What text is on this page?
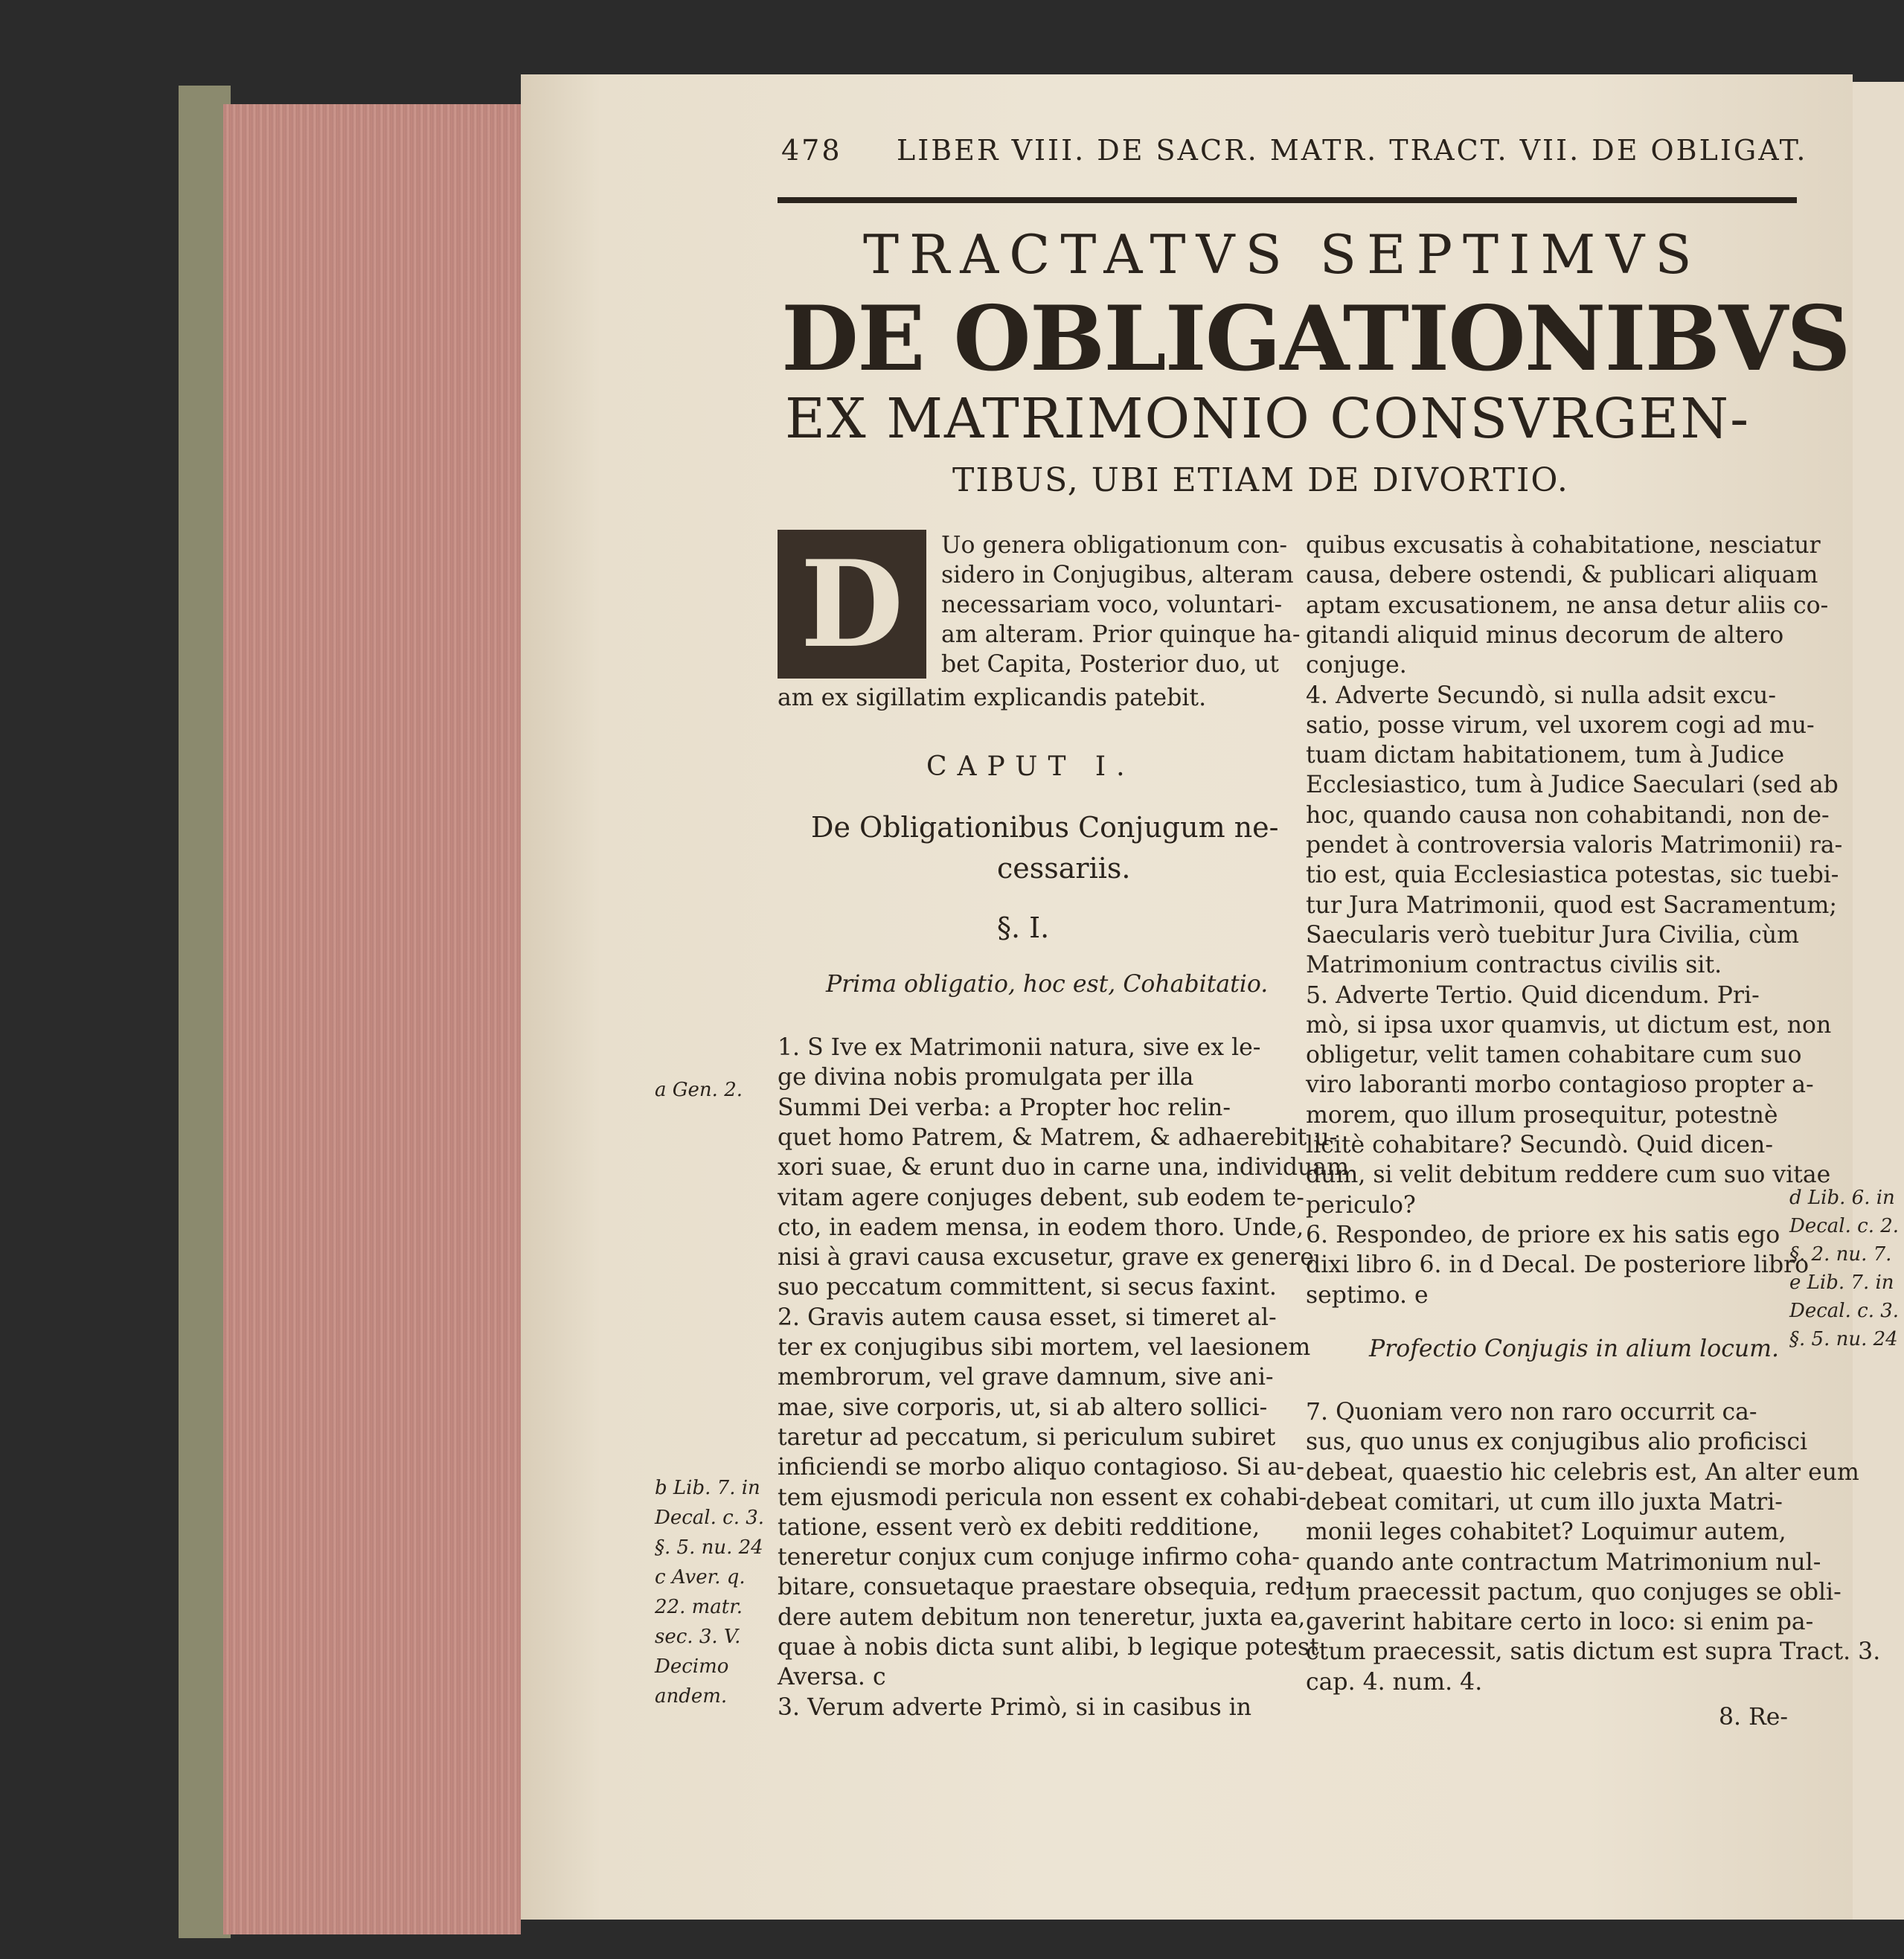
478 LIBER VIII. DE SACR. MATR. TRACT. VII. DE OBLIGAT.
TRACTATVS SEPTIMVS
DE OBLIGATIONIBVS
EX MATRIMONIO CONSVRGEN-
TIBUS, UBI ETIAM DE DIVORTIO.
D	Uo genera obligationum con-
sidero in Conjugibus, alteram
necessariam voco, voluntari-
am alteram. Prior quinque ha-
bet Capita, Posterior duo, ut
am ex sigillatim explicandis patebit.
CAPUT I.
De Obligationibus Conjugum ne-
cessariis.
§. I.
Prima obligatio, hoc est, Cohabitatio.
1. S Ive ex Matrimonii natura, sive ex le-
ge divina nobis promulgata per illa
Summi Dei verba: a Propter hoc relin-
quet homo Patrem, & Matrem, & adhaerebit u-
xori suae, & erunt duo in carne una, individuam
vitam agere conjuges debent, sub eodem te-
cto, in eadem mensa, in eodem thoro. Unde,
nisi à gravi causa excusetur, grave ex genere
suo peccatum committent, si secus faxint.
2. Gravis autem causa esset, si timeret al-
ter ex conjugibus sibi mortem, vel laesionem
membrorum, vel grave damnum, sive ani-
mae, sive corporis, ut, si ab altero sollici-
taretur ad peccatum, si periculum subiret
inficiendi se morbo aliquo contagioso. Si au-
tem ejusmodi pericula non essent ex cohabi-
tatione, essent verò ex debiti redditione,
teneretur conjux cum conjuge infirmo coha-
bitare, consuetaque praestare obsequia, red-
dere autem debitum non teneretur, juxta ea,
quae à nobis dicta sunt alibi, b legique potest
Aversa. c
3. Verum adverte Primò, si in casibus in
quibus excusatis à cohabitatione, nesciatur
causa, debere ostendi, & publicari aliquam
aptam excusationem, ne ansa detur aliis co-
gitandi aliquid minus decorum de altero
conjuge.
4. Adverte Secundò, si nulla adsit excu-
satio, posse virum, vel uxorem cogi ad mu-
tuam dictam habitationem, tum à Judice
Ecclesiastico, tum à Judice Saeculari (sed ab
hoc, quando causa non cohabitandi, non de-
pendet à controversia valoris Matrimonii) ra-
tio est, quia Ecclesiastica potestas, sic tuebi-
tur Jura Matrimonii, quod est Sacramentum;
Saecularis verò tuebitur Jura Civilia, cùm
Matrimonium contractus civilis sit.
5. Adverte Tertio. Quid dicendum. Pri-
mò, si ipsa uxor quamvis, ut dictum est, non
obligetur, velit tamen cohabitare cum suo
viro laboranti morbo contagioso propter a-
morem, quo illum prosequitur, potestnè
licitè cohabitare? Secundò. Quid dicen-
dum, si velit debitum reddere cum suo vitae
periculo?
6. Respondeo, de priore ex his satis ego
dixi libro 6. in d Decal. De posteriore libro
septimo. e
Profectio Conjugis in alium locum.
7. Quoniam vero non raro occurrit ca-
sus, quo unus ex conjugibus alio proficisci
debeat, quaestio hic celebris est, An alter eum
debeat comitari, ut cum illo juxta Matri-
monii leges cohabitet? Loquimur autem,
quando ante contractum Matrimonium nul-
lum praecessit pactum, quo conjuges se obli-
gaverint habitare certo in loco: si enim pa-
ctum praecessit, satis dictum est supra Tract. 3.
cap. 4. num. 4.
8. Re-
a Gen. 2.
b Lib. 7. in
Decal. c. 3.
§. 5. nu. 24
c Aver. q.
22. matr.
sec. 3. V.
Decimo
andem.
d Lib. 6. in
Decal. c. 2.
§. 2. nu. 7.
e Lib. 7. in
Decal. c. 3.
§. 5. nu. 24
